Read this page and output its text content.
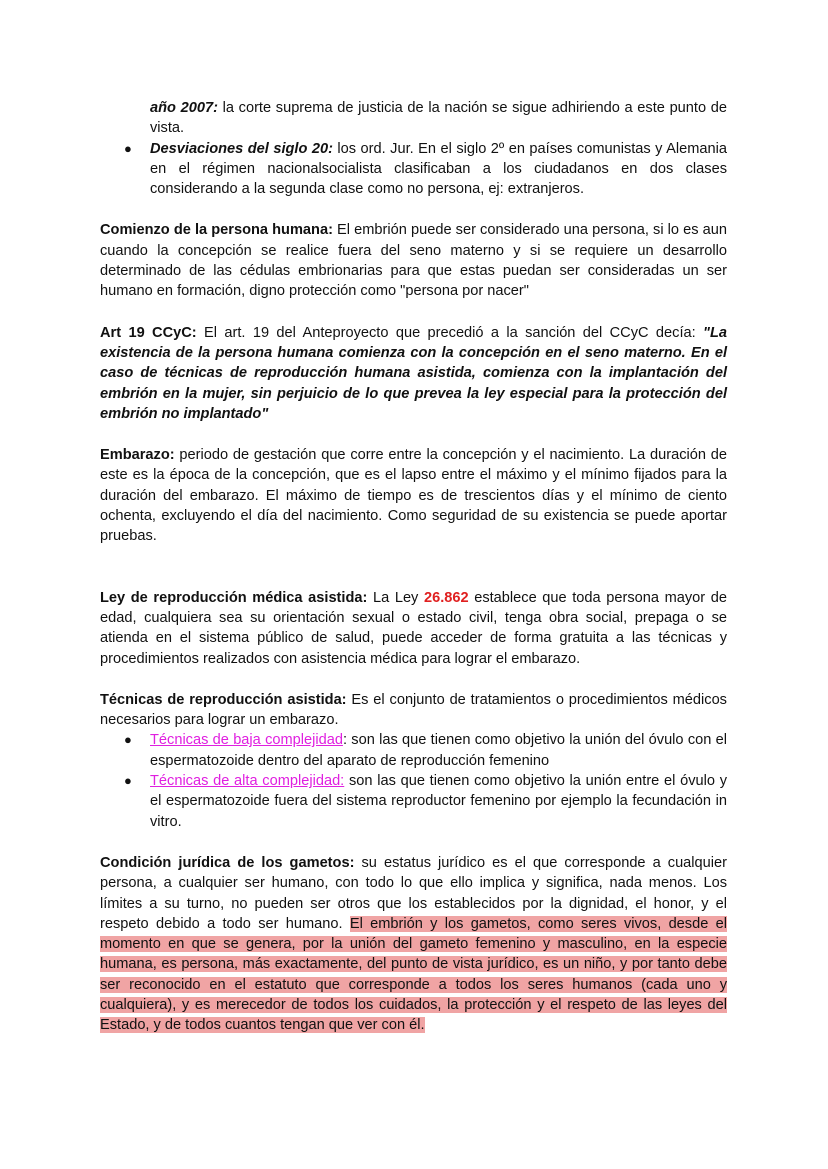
año 2007: la corte suprema de justicia de la nación se sigue adhiriendo a este punto de vista.

● Desviaciones del siglo 20: los ord. Jur. En el siglo 2º en países comunistas y Alemania en el régimen nacionalsocialista clasificaban a los ciudadanos en dos clases considerando a la segunda clase como no persona, ej: extranjeros.

Comienzo de la persona humana: El embrión puede ser considerado una persona, si lo es aun cuando la concepción se realice fuera del seno materno y si se requiere un desarrollo determinado de las cédulas embrionarias para que estas puedan ser consideradas un ser humano en formación, digno protección como "persona por nacer"

Art 19 CCyC: El art. 19 del Anteproyecto que precedió a la sanción del CCyC decía: "La existencia de la persona humana comienza con la concepción en el seno materno. En el caso de técnicas de reproducción humana asistida, comienza con la implantación del embrión en la mujer, sin perjuicio de lo que prevea la ley especial para la protección del embrión no implantado"

Embarazo: periodo de gestación que corre entre la concepción y el nacimiento. La duración de este es la época de la concepción, que es el lapso entre el máximo y el mínimo fijados para la duración del embarazo. El máximo de tiempo es de trescientos días y el mínimo de ciento ochenta, excluyendo el día del nacimiento. Como seguridad de su existencia se puede aportar pruebas.

Ley de reproducción médica asistida: La Ley 26.862 establece que toda persona mayor de edad, cualquiera sea su orientación sexual o estado civil, tenga obra social, prepaga o se atienda en el sistema público de salud, puede acceder de forma gratuita a las técnicas y procedimientos realizados con asistencia médica para lograr el embarazo.

Técnicas de reproducción asistida: Es el conjunto de tratamientos o procedimientos médicos necesarios para lograr un embarazo.

● Técnicas de baja complejidad: son las que tienen como objetivo la unión del óvulo con el espermatozoide dentro del aparato de reproducción femenino
● Técnicas de alta complejidad: son las que tienen como objetivo la unión entre el óvulo y el espermatozoide fuera del sistema reproductor femenino por ejemplo la fecundación in vitro.

Condición jurídica de los gametos: su estatus jurídico es el que corresponde a cualquier persona, a cualquier ser humano, con todo lo que ello implica y significa, nada menos. Los límites a su turno, no pueden ser otros que los establecidos por la dignidad, el honor, y el respeto debido a todo ser humano. El embrión y los gametos, como seres vivos, desde el momento en que se genera, por la unión del gameto femenino y masculino, en la especie humana, es persona, más exactamente, del punto de vista jurídico, es un niño, y por tanto debe ser reconocido en el estatuto que corresponde a todos los seres humanos (cada uno y cualquiera), y es merecedor de todos los cuidados, la protección y el respeto de las leyes del Estado, y de todos cuantos tengan que ver con él.
